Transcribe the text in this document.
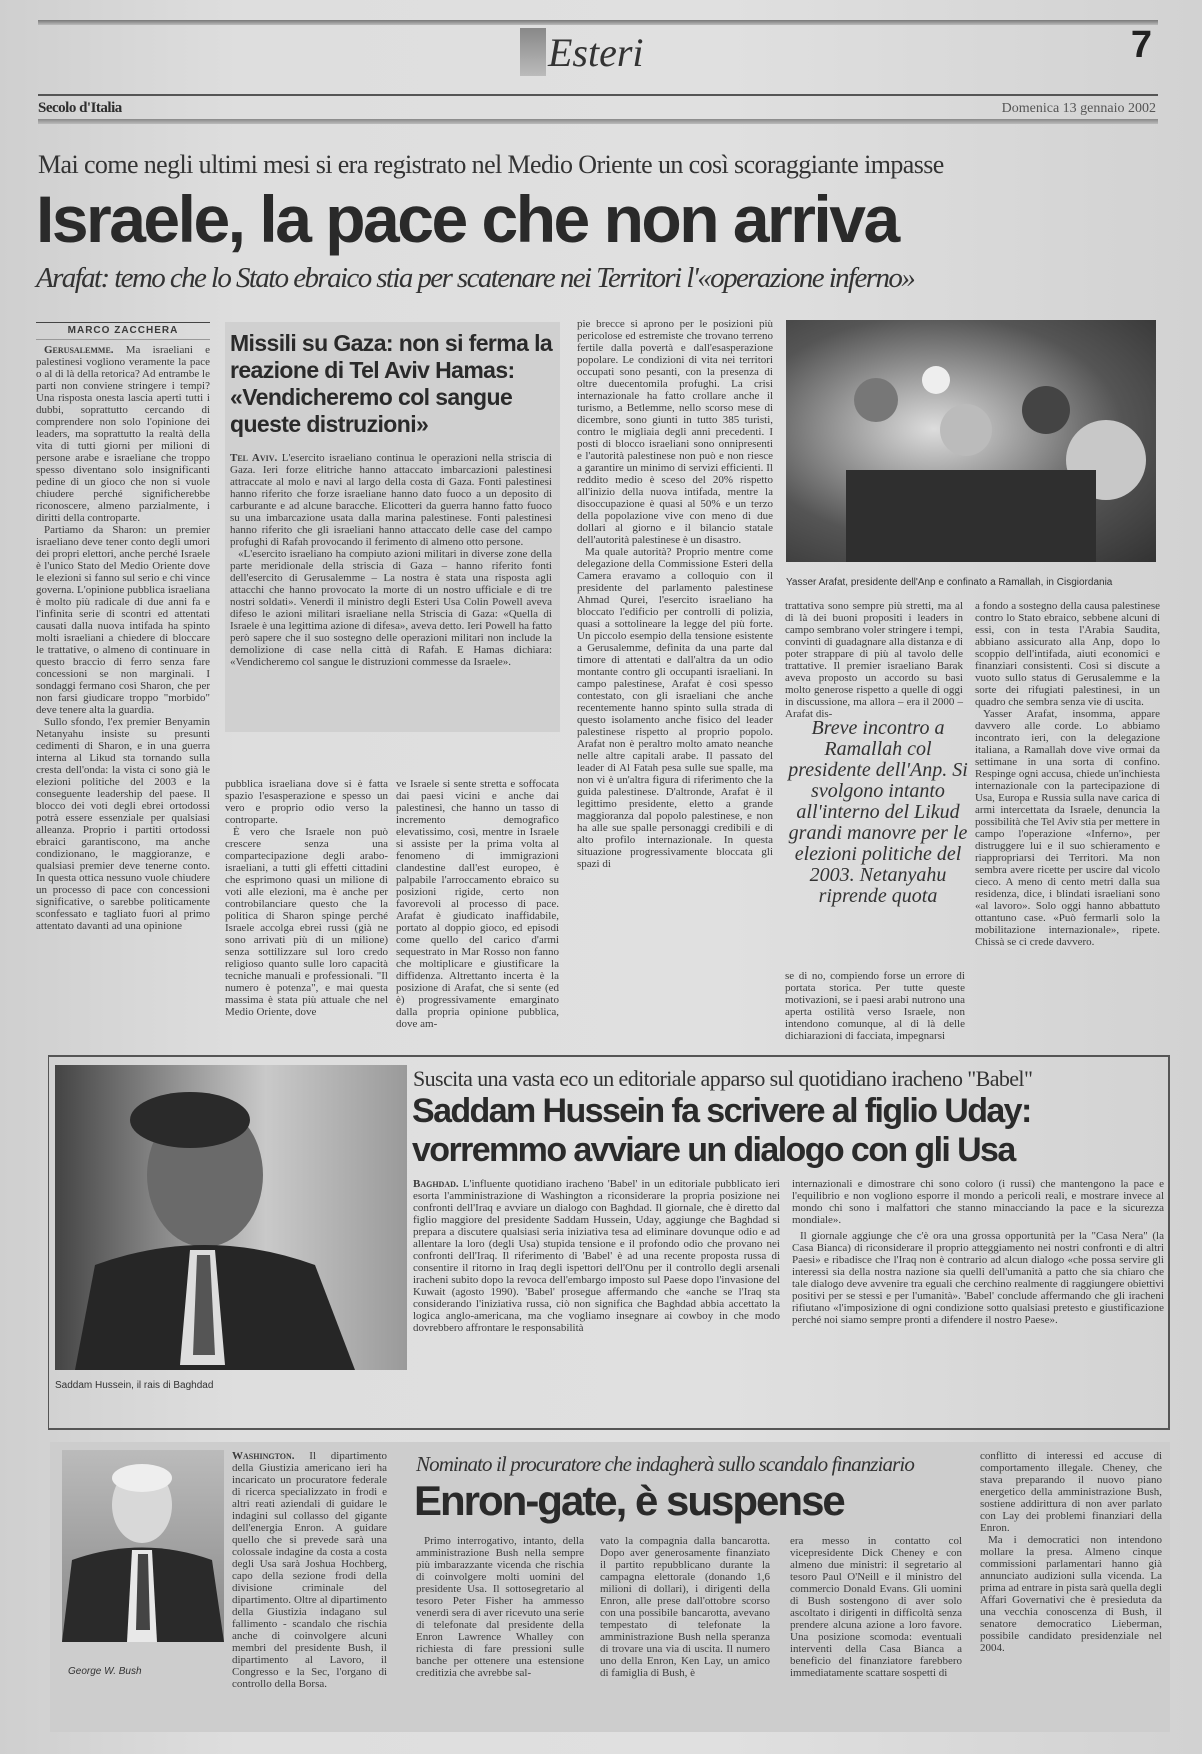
Esteri	7
Secolo d'Italia	Domenica 13 gennaio 2002
Mai come negli ultimi mesi si era registrato nel Medio Oriente un così scoraggiante impasse
Israele, la pace che non arriva
Arafat: temo che lo Stato ebraico stia per scatenare nei Territori l'«operazione inferno»
MARCO ZACCHERA

Gerusalemme. Ma israeliani e palestinesi vogliono veramente la pace o al di là della retorica? Ad entrambe le parti non conviene stringere i tempi? Una risposta onesta lascia aperti tutti i dubbi, soprattutto cercando di comprendere non solo l'opinione dei leaders, ma soprattutto la realtà della vita di tutti giorni per milioni di persone arabe e israeliane che troppo spesso diventano solo insignificanti pedine di un gioco che non si vuole chiudere perché significherebbe riconoscere, almeno parzialmente, i diritti della controparte.

Partiamo da Sharon: un premier israeliano deve tener conto degli umori dei propri elettori, anche perché Israele è l'unico Stato del Medio Oriente dove le elezioni si fanno sul serio e chi vince governa. L'opinione pubblica israeliana è molto più radicale di due anni fa e l'infinita serie di scontri ed attentati causati dalla nuova intifada ha spinto molti israeliani a chiedere di bloccare le trattative, o almeno di continuare in questo braccio di ferro senza fare concessioni se non marginali. I sondaggi fermano così Sharon, che per non farsi giudicare troppo "morbido" deve tenere alta la guardia.

Sullo sfondo, l'ex premier Benyamin Netanyahu insiste su presunti cedimenti di Sharon, e in una guerra interna al Likud sta tornando sulla cresta dell'onda: la vista ci sono già le elezioni politiche del 2003 e la conseguente leadership del paese. Il blocco dei voti degli ebrei ortodossi potrà essere essenziale per qualsiasi alleanza. Proprio i partiti ortodossi ebraici garantiscono, ma anche condizionano, le maggioranze, e qualsiasi premier deve tenerne conto. In questa ottica nessuno vuole chiudere un processo di pace con concessioni significative, o sarebbe politicamente sconfessato e tagliato fuori al primo attentato davanti ad una opinione

Missili su Gaza: non si ferma la reazione di Tel Aviv Hamas: «Vendicheremo col sangue queste distruzioni»

Tel Aviv. L'esercito israeliano continua le operazioni nella striscia di Gaza. Ieri forze elitriche hanno attaccato imbarcazioni palestinesi attraccate al molo e navi al largo della costa di Gaza. Fonti palestinesi hanno riferito che forze israeliane hanno dato fuoco a un deposito di carburante e ad alcune baracche. Elicotteri da guerra hanno fatto fuoco su una imbarcazione usata dalla marina palestinese. Fonti palestinesi hanno riferito che gli israeliani hanno attaccato delle case del campo profughi di Rafah provocando il ferimento di almeno otto persone.

«L'esercito israeliano ha compiuto azioni militari in diverse zone della parte meridionale della striscia di Gaza – hanno riferito fonti dell'esercito di Gerusalemme – La nostra è stata una risposta agli attacchi che hanno provocato la morte di un nostro ufficiale e di tre nostri soldati». Venerdì il ministro degli Esteri Usa Colin Powell aveva difeso le azioni militari israeliane nella Striscia di Gaza: «Quella di Israele è una legittima azione di difesa», aveva detto. Ieri Powell ha fatto però sapere che il suo sostegno delle operazioni militari non include la demolizione di case nella città di Rafah. E Hamas dichiara: «Vendicheremo col sangue le distruzioni commesse da Israele».

pubblica israeliana dove si è fatta spazio l'esasperazione e spesso un vero e proprio odio verso la controparte.

È vero che Israele non può crescere senza una compartecipazione degli arabo-israeliani, a tutti gli effetti cittadini che esprimono quasi un milione di voti alle elezioni, ma è anche per controbilanciare questo che la politica di Sharon spinge perché Israele accolga ebrei russi (già ne sono arrivati più di un milione) senza sottilizzare sul loro credo religioso quanto sulle loro capacità tecniche manuali e professionali. "Il numero è potenza", e mai questa massima è stata più attuale che nel Medio Oriente, dove

ve Israele si sente stretta e soffocata dai paesi vicini e anche dai palestinesi, che hanno un tasso di incremento demografico elevatissimo, così, mentre in Israele si assiste per la prima volta al fenomeno di immigrazioni clandestine dall'est europeo, è palpabile l'arroccamento ebraico su posizioni rigide, certo non favorevoli al processo di pace. Arafat è giudicato inaffidabile, portato al doppio gioco, ed episodi come quello del carico d'armi sequestrato in Mar Rosso non fanno che moltiplicare e giustificare la diffidenza. Altrettanto incerta è la posizione di Arafat, che si sente (ed è) progressivamente emarginato dalla propria opinione pubblica, dove am-

pie brecce si aprono per le posizioni più pericolose ed estremiste che trovano terreno fertile dalla povertà e dall'esasperazione popolare. Le condizioni di vita nei territori occupati sono pesanti, con la presenza di oltre duecentomila profughi. La crisi internazionale ha fatto crollare anche il turismo, a Betlemme, nello scorso mese di dicembre, sono giunti in tutto 385 turisti, contro le migliaia degli anni precedenti. I posti di blocco israeliani sono onnipresenti e l'autorità palestinese non può e non riesce a garantire un minimo di servizi efficienti. Il reddito medio è sceso del 20% rispetto all'inizio della nuova intifada, mentre la disoccupazione è quasi al 50% e un terzo della popolazione vive con meno di due dollari al giorno e il bilancio statale dell'autorità palestinese è un disastro.

Ma quale autorità? Proprio mentre come delegazione della Commissione Esteri della Camera eravamo a colloquio con il presidente del parlamento palestinese Ahmad Qurei, l'esercito israeliano ha bloccato l'edificio per controlli di polizia, quasi a sottolineare la legge del più forte. Un piccolo esempio della tensione esistente a Gerusalemme, definita da una parte dal timore di attentati e dall'altra da un odio montante contro gli occupanti israeliani. In campo palestinese, Arafat è così spesso contestato, con gli israeliani che anche recentemente hanno spinto sulla strada di questo isolamento anche fisico del leader palestinese rispetto al proprio popolo. Arafat non è peraltro molto amato neanche nelle altre capitali arabe. Il passato del leader di Al Fatah pesa sulle sue spalle, ma non vi è un'altra figura di riferimento che la guida palestinese. D'altronde, Arafat è il legittimo presidente, eletto a grande maggioranza dal popolo palestinese, e non ha alle sue spalle personaggi credibili e di alto profilo internazionale. In questa situazione progressivamente bloccata gli spazi di

Yasser Arafat, presidente dell'Anp e confinato a Ramallah, in Cisgiordania

trattativa sono sempre più stretti, ma al di là dei buoni propositi i leaders in campo sembrano voler stringere i tempi, convinti di guadagnare alla distanza e di poter strappare di più al tavolo delle trattative. Il premier israeliano Barak aveva proposto un accordo su basi molto generose rispetto a quelle di oggi in discussione, ma allora – era il 2000 – Arafat dis-

Breve incontro a Ramallah col presidente dell'Anp. Si svolgono intanto all'interno del Likud grandi manovre per le elezioni politiche del 2003. Netanyahu riprende quota

se di no, compiendo forse un errore di portata storica. Per tutte queste motivazioni, se i paesi arabi nutrono una aperta ostilità verso Israele, non intendono comunque, al di là delle dichiarazioni di facciata, impegnarsi

a fondo a sostegno della causa palestinese contro lo Stato ebraico, sebbene alcuni di essi, con in testa l'Arabia Saudita, abbiano assicurato alla Anp, dopo lo scoppio dell'intifada, aiuti economici e finanziari consistenti. Così si discute a vuoto sullo status di Gerusalemme e la sorte dei rifugiati palestinesi, in un quadro che sembra senza vie di uscita.

Yasser Arafat, insomma, appare davvero alle corde. Lo abbiamo incontrato ieri, con la delegazione italiana, a Ramallah dove vive ormai da settimane in una sorta di confino. Respinge ogni accusa, chiede un'inchiesta internazionale con la partecipazione di Usa, Europa e Russia sulla nave carica di armi intercettata da Israele, denuncia la possibilità che Tel Aviv stia per mettere in campo l'operazione «Inferno», per distruggere lui e il suo schieramento e riappropriarsi dei Territori. Ma non sembra avere ricette per uscire dal vicolo cieco. A meno di cento metri dalla sua residenza, dice, i blindati israeliani sono «al lavoro». Solo oggi hanno abbattuto ottantuno case. «Può fermarli solo la mobilitazione internazionale», ripete. Chissà se ci crede davvero.

Saddam Hussein, il rais di Baghdad
Suscita una vasta eco un editoriale apparso sul quotidiano iracheno "Babel"
Saddam Hussein fa scrivere al figlio Uday:
vorremmo avviare un dialogo con gli Usa

Baghdad. L'influente quotidiano iracheno 'Babel' in un editoriale pubblicato ieri esorta l'amministrazione di Washington a riconsiderare la propria posizione nei confronti dell'Iraq e avviare un dialogo con Baghdad. Il giornale, che è diretto dal figlio maggiore del presidente Saddam Hussein, Uday, aggiunge che Baghdad si prepara a discutere qualsiasi seria iniziativa tesa ad eliminare dovunque odio e ad allentare la loro (degli Usa) stupida tensione e il profondo odio che provano nei confronti dell'Iraq. Il riferimento di 'Babel' è ad una recente proposta russa di consentire il ritorno in Iraq degli ispettori dell'Onu per il controllo degli arsenali iracheni subito dopo la revoca dell'embargo imposto sul Paese dopo l'invasione del Kuwait (agosto 1990). 'Babel' prosegue affermando che «anche se l'Iraq sta considerando l'iniziativa russa, ciò non significa che Baghdad abbia accettato la logica anglo-americana, ma che vogliamo insegnare ai cowboy in che modo dovrebbero affrontare le responsabilità

internazionali e dimostrare chi sono coloro (i russi) che mantengono la pace e l'equilibrio e non vogliono esporre il mondo a pericoli reali, e mostrare invece al mondo chi sono i malfattori che stanno minacciando la pace e la sicurezza mondiale».

Il giornale aggiunge che c'è ora una grossa opportunità per la "Casa Nera" (la Casa Bianca) di riconsiderare il proprio atteggiamento nei nostri confronti e di altri Paesi» e ribadisce che l'Iraq non è contrario ad alcun dialogo «che possa servire gli interessi sia della nostra nazione sia quelli dell'umanità a patto che sia chiaro che tale dialogo deve avvenire tra eguali che cerchino realmente di raggiungere obiettivi positivi per se stessi e per l'umanità». 'Babel' conclude affermando che gli iracheni rifiutano «l'imposizione di ogni condizione sotto qualsiasi pretesto e giustificazione perché noi siamo sempre pronti a difendere il nostro Paese».

George W. Bush

Washington. Il dipartimento della Giustizia americano ieri ha incaricato un procuratore federale di ricerca specializzato in frodi e altri reati aziendali di guidare le indagini sul collasso del gigante dell'energia Enron. A guidare quello che si prevede sarà una colossale indagine da costa a costa degli Usa sarà Joshua Hochberg, capo della sezione frodi della divisione criminale del dipartimento. Oltre al dipartimento della Giustizia indagano sul fallimento - scandalo che rischia anche di coinvolgere alcuni membri del presidente Bush, il dipartimento al Lavoro, il Congresso e la Sec, l'organo di controllo della Borsa.

Nominato il procuratore che indagherà sullo scandalo finanziario
Enron-gate, è suspense

Primo interrogativo, intanto, della amministrazione Bush nella sempre più imbarazzante vicenda che rischia di coinvolgere molti uomini del presidente Usa. Il sottosegretario al tesoro Peter Fisher ha ammesso venerdì sera di aver ricevuto una serie di telefonate dal presidente della Enron Lawrence Whalley con richiesta di fare pressioni sulle banche per ottenere una estensione creditizia che avrebbe sal-

vato la compagnia dalla bancarotta. Dopo aver generosamente finanziato il partito repubblicano durante la campagna elettorale (donando 1,6 milioni di dollari), i dirigenti della Enron, alle prese dall'ottobre scorso con una possibile bancarotta, avevano tempestato di telefonate la amministrazione Bush nella speranza di trovare una via di uscita. Il numero uno della Enron, Ken Lay, un amico di famiglia di Bush, è

era messo in contatto col vicepresidente Dick Cheney e con almeno due ministri: il segretario al tesoro Paul O'Neill e il ministro del commercio Donald Evans. Gli uomini di Bush sostengono di aver solo ascoltato i dirigenti in difficoltà senza prendere alcuna azione a loro favore. Una posizione scomoda: eventuali interventi della Casa Bianca a beneficio del finanziatore farebbero immediatamente scattare sospetti di

conflitto di interessi ed accuse di comportamento illegale. Cheney, che stava preparando il nuovo piano energetico della amministrazione Bush, sostiene addirittura di non aver parlato con Lay dei problemi finanziari della Enron.

Ma i democratici non intendono mollare la presa. Almeno cinque commissioni parlamentari hanno già annunciato audizioni sulla vicenda. La prima ad entrare in pista sarà quella degli Affari Governativi che è presieduta da una vecchia conoscenza di Bush, il senatore democratico Lieberman, possibile candidato presidenziale nel 2004.
